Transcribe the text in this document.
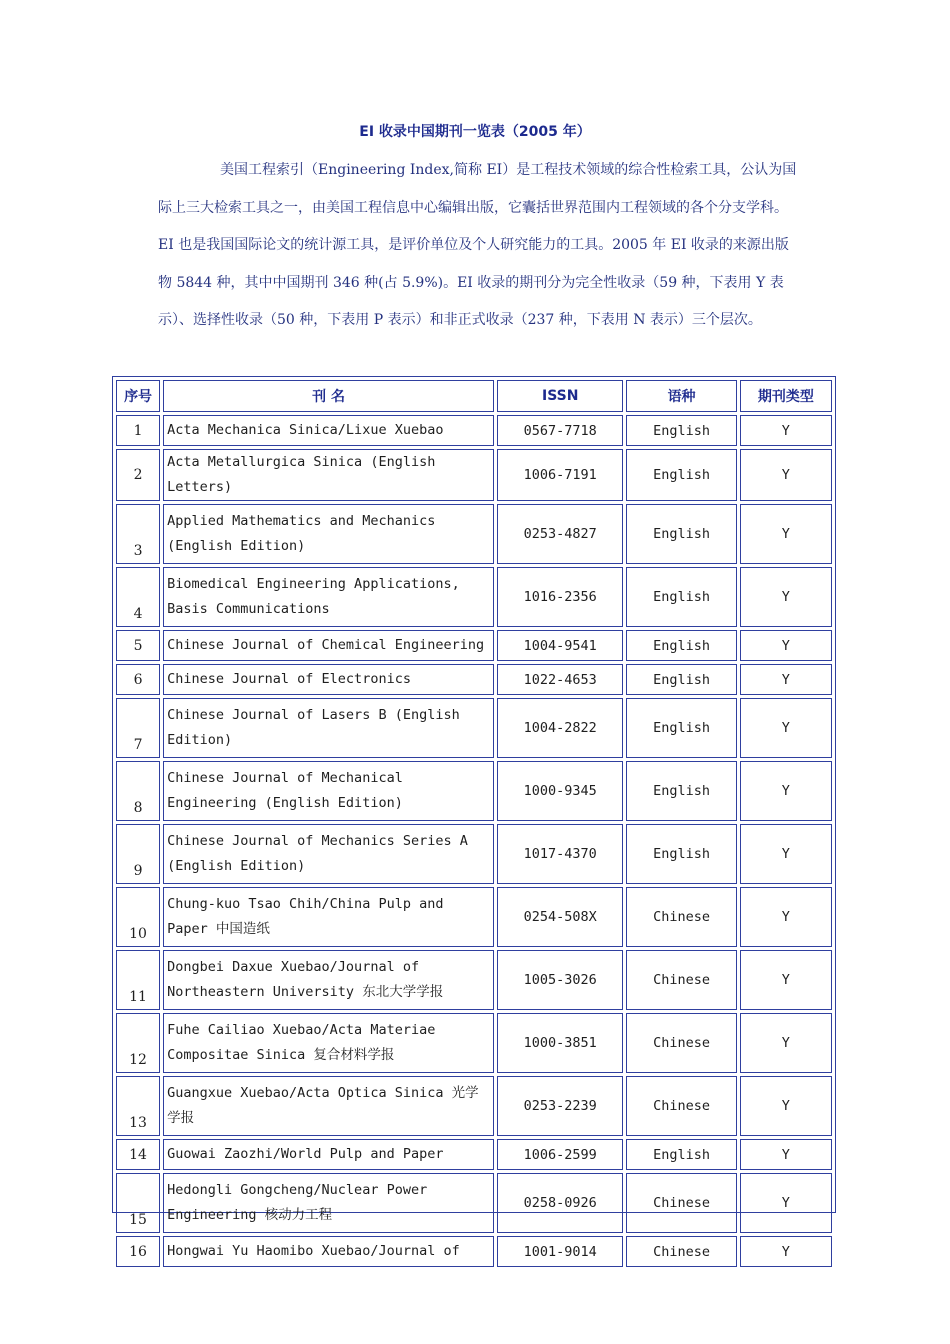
EI 收录中国期刊一览表（2005 年）

美国工程索引（Engineering Index,简称 EI）是工程技术领域的综合性检索工具，公认为国际上三大检索工具之一，由美国工程信息中心编辑出版，它囊括世界范围内工程领域的各个分支学科。EI 也是我国国际论文的统计源工具，是评价单位及个人研究能力的工具。2005 年 EI 收录的来源出版物 5844 种，其中中国期刊 346 种(占 5.9%)。EI 收录的期刊分为完全性收录（59 种，下表用 Y 表示）、选择性收录（50 种，下表用 P 表示）和非正式收录（237 种，下表用 N 表示）三个层次。

序号	刊 名	ISSN	语种	期刊类型
1	Acta Mechanica Sinica/Lixue Xuebao	0567-7718	English	Y
2	Acta Metallurgica Sinica (English Letters)	1006-7191	English	Y
3	Applied Mathematics and Mechanics (English Edition)	0253-4827	English	Y
4	Biomedical Engineering Applications, Basis Communications	1016-2356	English	Y
5	Chinese Journal of Chemical Engineering	1004-9541	English	Y
6	Chinese Journal of Electronics	1022-4653	English	Y
7	Chinese Journal of Lasers B (English Edition)	1004-2822	English	Y
8	Chinese Journal of Mechanical Engineering (English Edition)	1000-9345	English	Y
9	Chinese Journal of Mechanics Series A (English Edition)	1017-4370	English	Y
10	Chung-kuo Tsao Chih/China Pulp and Paper 中国造纸	0254-508X	Chinese	Y
11	Dongbei Daxue Xuebao/Journal of Northeastern University 东北大学学报	1005-3026	Chinese	Y
12	Fuhe Cailiao Xuebao/Acta Materiae Compositae Sinica 复合材料学报	1000-3851	Chinese	Y
13	Guangxue Xuebao/Acta Optica Sinica 光学学报	0253-2239	Chinese	Y
14	Guowai Zaozhi/World Pulp and Paper	1006-2599	English	Y
15	Hedongli Gongcheng/Nuclear Power Engineering 核动力工程	0258-0926	Chinese	Y
16	Hongwai Yu Haomibo Xuebao/Journal of	1001-9014	Chinese	Y
